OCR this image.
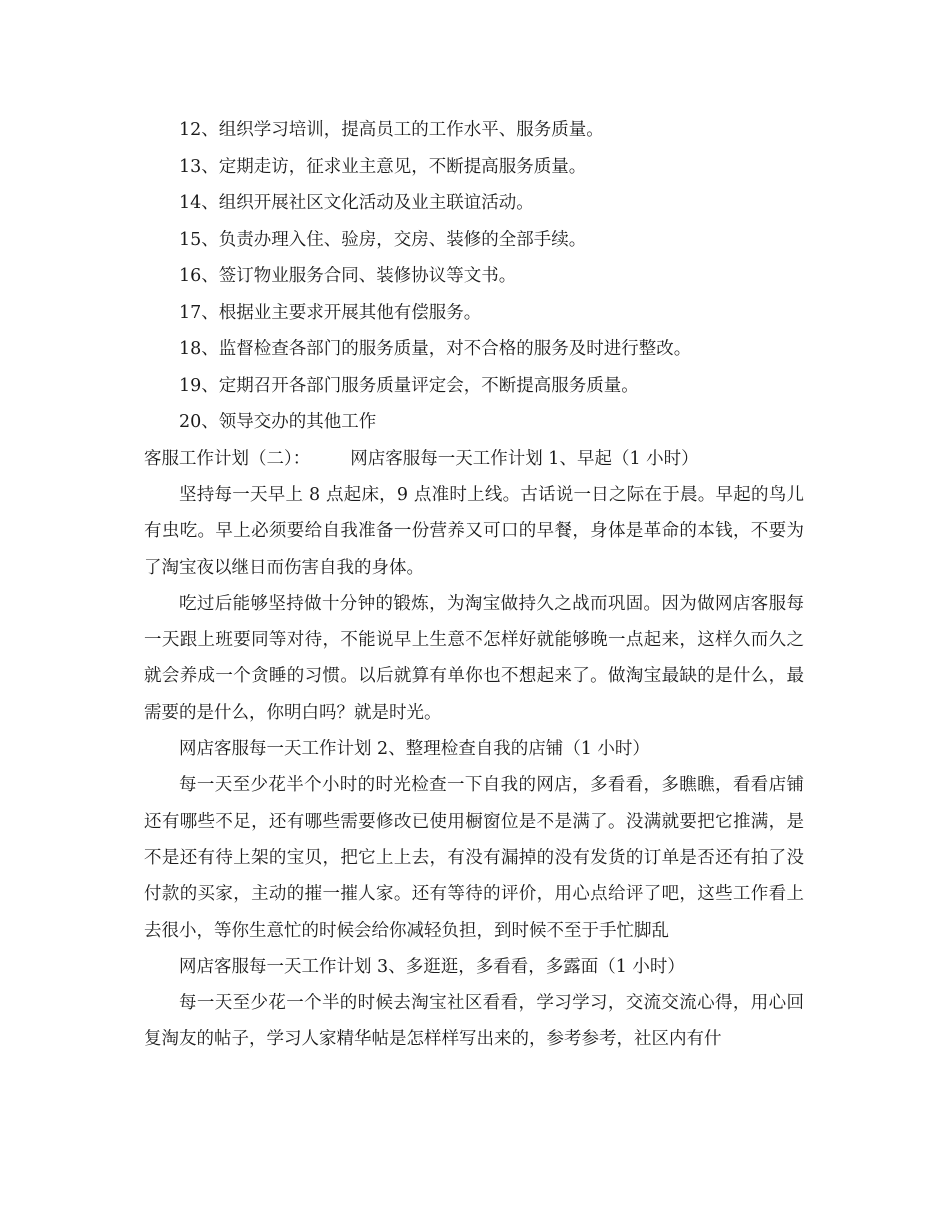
12、组织学习培训，提高员工的工作水平、服务质量。
13、定期走访，征求业主意见，不断提高服务质量。
14、组织开展社区文化活动及业主联谊活动。
15、负责办理入住、验房，交房、装修的全部手续。
16、签订物业服务合同、装修协议等文书。
17、根据业主要求开展其他有偿服务。
18、监督检查各部门的服务质量，对不合格的服务及时进行整改。
19、定期召开各部门服务质量评定会，不断提高服务质量。
20、领导交办的其他工作
客服工作计划（二）： 网店客服每一天工作计划 1、早起（1 小时）

坚持每一天早上 8 点起床，9 点准时上线。古话说一日之际在于晨。早起的鸟儿有虫吃。早上必须要给自我准备一份营养又可口的早餐，身体是革命的本钱，不要为了淘宝夜以继日而伤害自我的身体。

吃过后能够坚持做十分钟的锻炼，为淘宝做持久之战而巩固。因为做网店客服每一天跟上班要同等对待，不能说早上生意不怎样好就能够晚一点起来，这样久而久之就会养成一个贪睡的习惯。以后就算有单你也不想起来了。做淘宝最缺的是什么，最需要的是什么，你明白吗？就是时光。

网店客服每一天工作计划 2、整理检查自我的店铺（1 小时）

每一天至少花半个小时的时光检查一下自我的网店，多看看，多瞧瞧，看看店铺还有哪些不足，还有哪些需要修改已使用橱窗位是不是满了。没满就要把它推满，是不是还有待上架的宝贝，把它上上去，有没有漏掉的没有发货的订单是否还有拍了没付款的买家，主动的摧一摧人家。还有等待的评价，用心点给评了吧，这些工作看上去很小，等你生意忙的时候会给你减轻负担，到时候不至于手忙脚乱

网店客服每一天工作计划 3、多逛逛，多看看，多露面（1 小时）

每一天至少花一个半的时候去淘宝社区看看，学习学习，交流交流心得，用心回复淘友的帖子，学习人家精华帖是怎样样写出来的，参考参考，社区内有什
